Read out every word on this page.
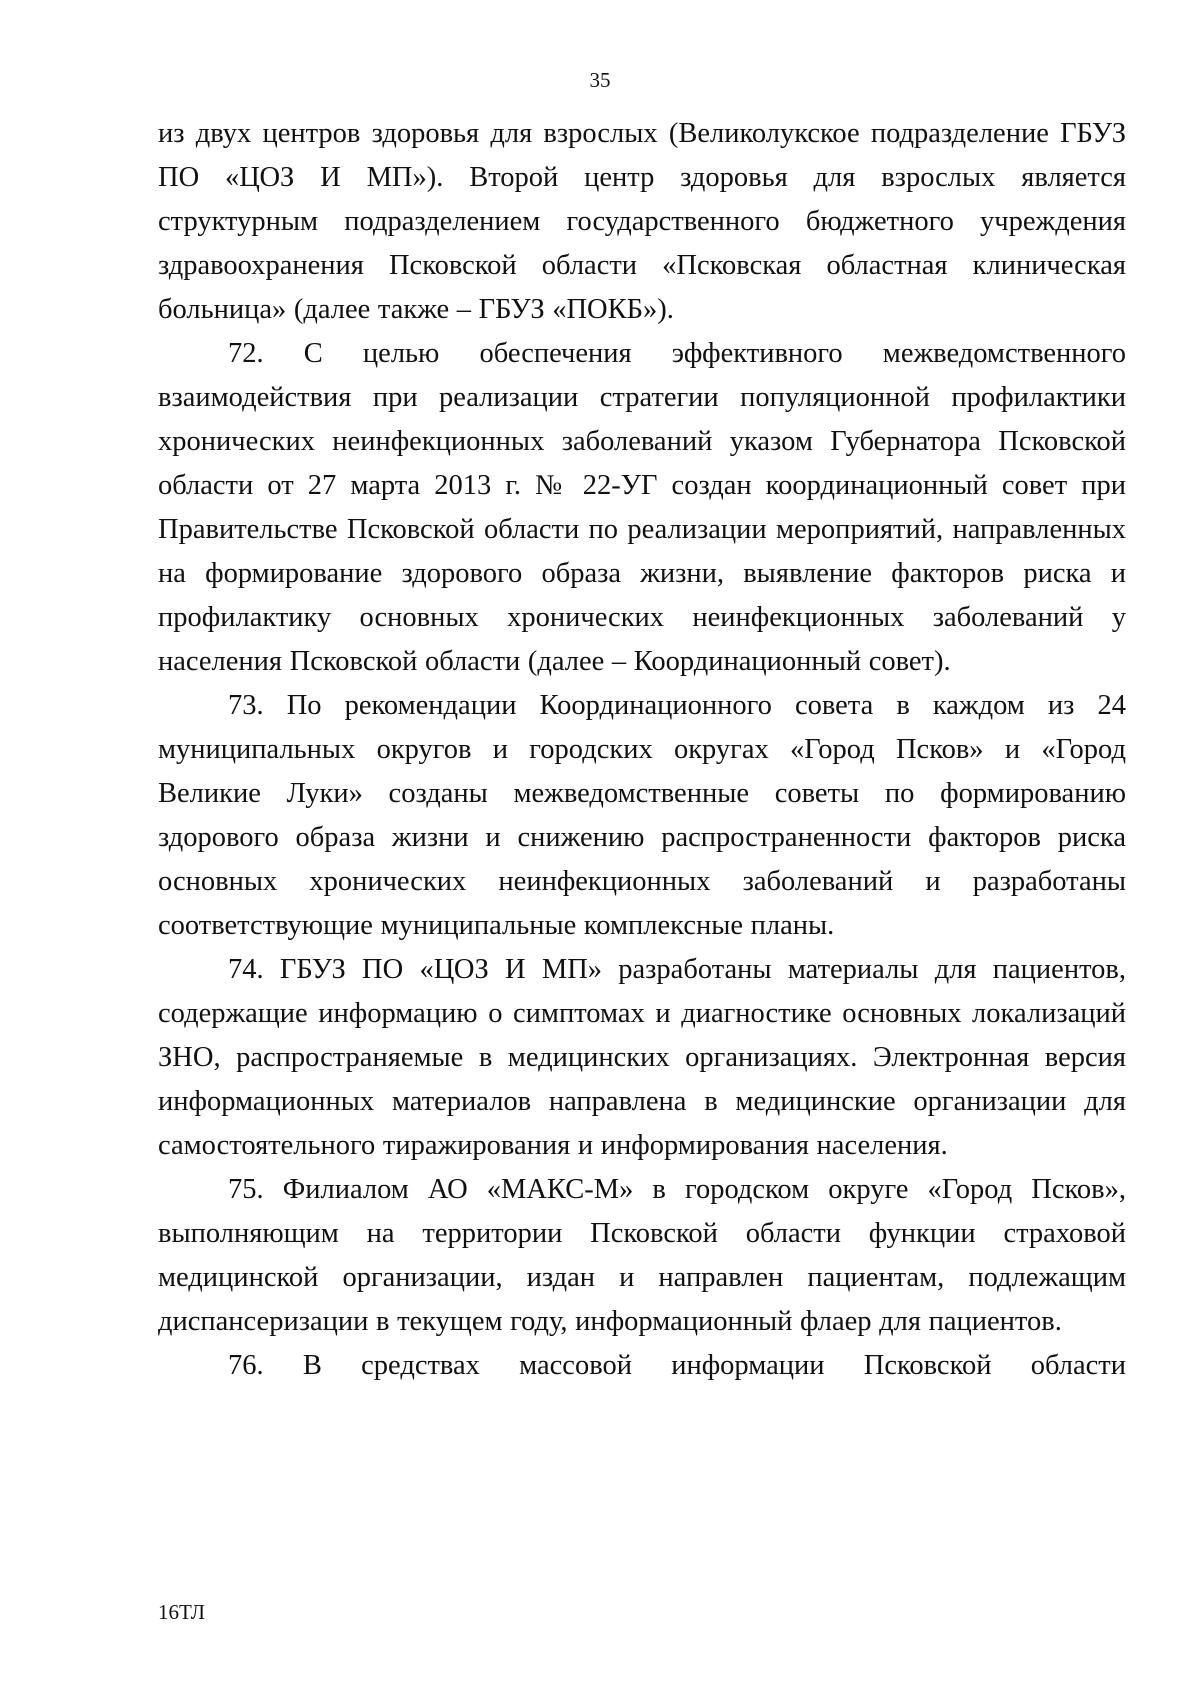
35

из двух центров здоровья для взрослых (Великолукское подразделение ГБУЗ ПО «ЦОЗ И МП»). Второй центр здоровья для взрослых является структурным подразделением государственного бюджетного учреждения здравоохранения Псковской области «Псковская областная клиническая больница» (далее также – ГБУЗ «ПОКБ»).

72. С целью обеспечения эффективного межведомственного взаимодействия при реализации стратегии популяционной профилактики хронических неинфекционных заболеваний указом Губернатора Псковской области от 27 марта 2013 г. № 22-УГ создан координационный совет при Правительстве Псковской области по реализации мероприятий, направленных на формирование здорового образа жизни, выявление факторов риска и профилактику основных хронических неинфекционных заболеваний у населения Псковской области (далее – Координационный совет).

73. По рекомендации Координационного совета в каждом из 24 муниципальных округов и городских округах «Город Псков» и «Город Великие Луки» созданы межведомственные советы по формированию здорового образа жизни и снижению распространенности факторов риска основных хронических неинфекционных заболеваний и разработаны соответствующие муниципальные комплексные планы.

74. ГБУЗ ПО «ЦОЗ И МП» разработаны материалы для пациентов, содержащие информацию о симптомах и диагностике основных локализаций ЗНО, распространяемые в медицинских организациях. Электронная версия информационных материалов направлена в медицинские организации для самостоятельного тиражирования и информирования населения.

75. Филиалом АО «МАКС-М» в городском округе «Город Псков», выполняющим на территории Псковской области функции страховой медицинской организации, издан и направлен пациентам, подлежащим диспансеризации в текущем году, информационный флаер для пациентов.

76. В средствах массовой информации Псковской области

16ТЛ
